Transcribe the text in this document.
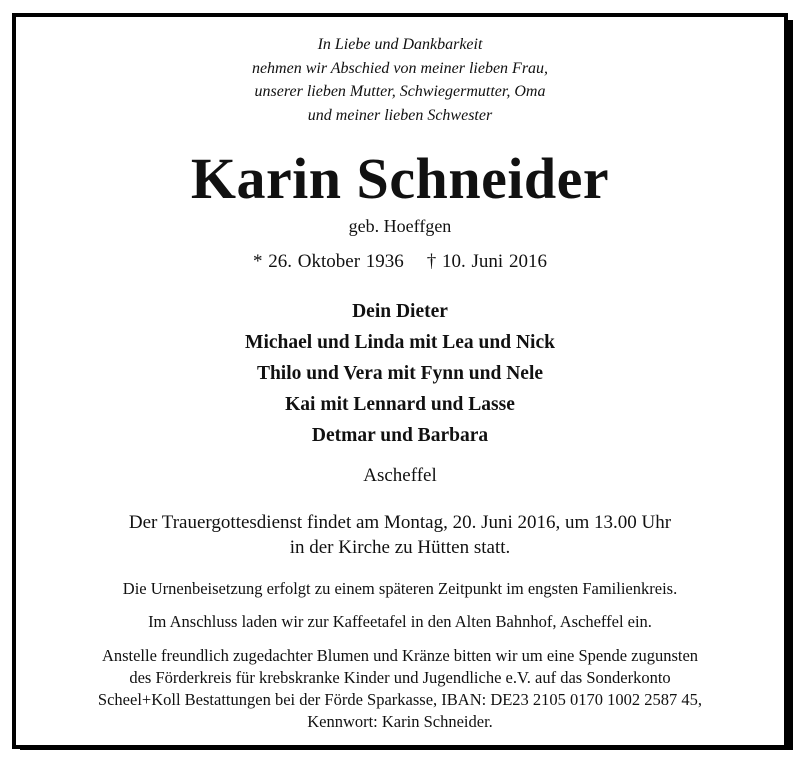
In Liebe und Dankbarkeit
nehmen wir Abschied von meiner lieben Frau,
unserer lieben Mutter, Schwiegermutter, Oma
und meiner lieben Schwester
Karin Schneider
geb. Hoeffgen
* 26. Oktober 1936    † 10. Juni 2016
Dein Dieter
Michael und Linda mit Lea und Nick
Thilo und Vera mit Fynn und Nele
Kai mit Lennard und Lasse
Detmar und Barbara
Ascheffel
Der Trauergottesdienst findet am Montag, 20. Juni 2016, um 13.00 Uhr
in der Kirche zu Hütten statt.
Die Urnenbeisetzung erfolgt zu einem späteren Zeitpunkt im engsten Familienkreis.
Im Anschluss laden wir zur Kaffeetafel in den Alten Bahnhof, Ascheffel ein.
Anstelle freundlich zugedachter Blumen und Kränze bitten wir um eine Spende zugunsten
des Förderkreis für krebskranke Kinder und Jugendliche e.V. auf das Sonderkonto
Scheel+Koll Bestattungen bei der Förde Sparkasse, IBAN: DE23 2105 0170 1002 2587 45,
Kennwort: Karin Schneider.
